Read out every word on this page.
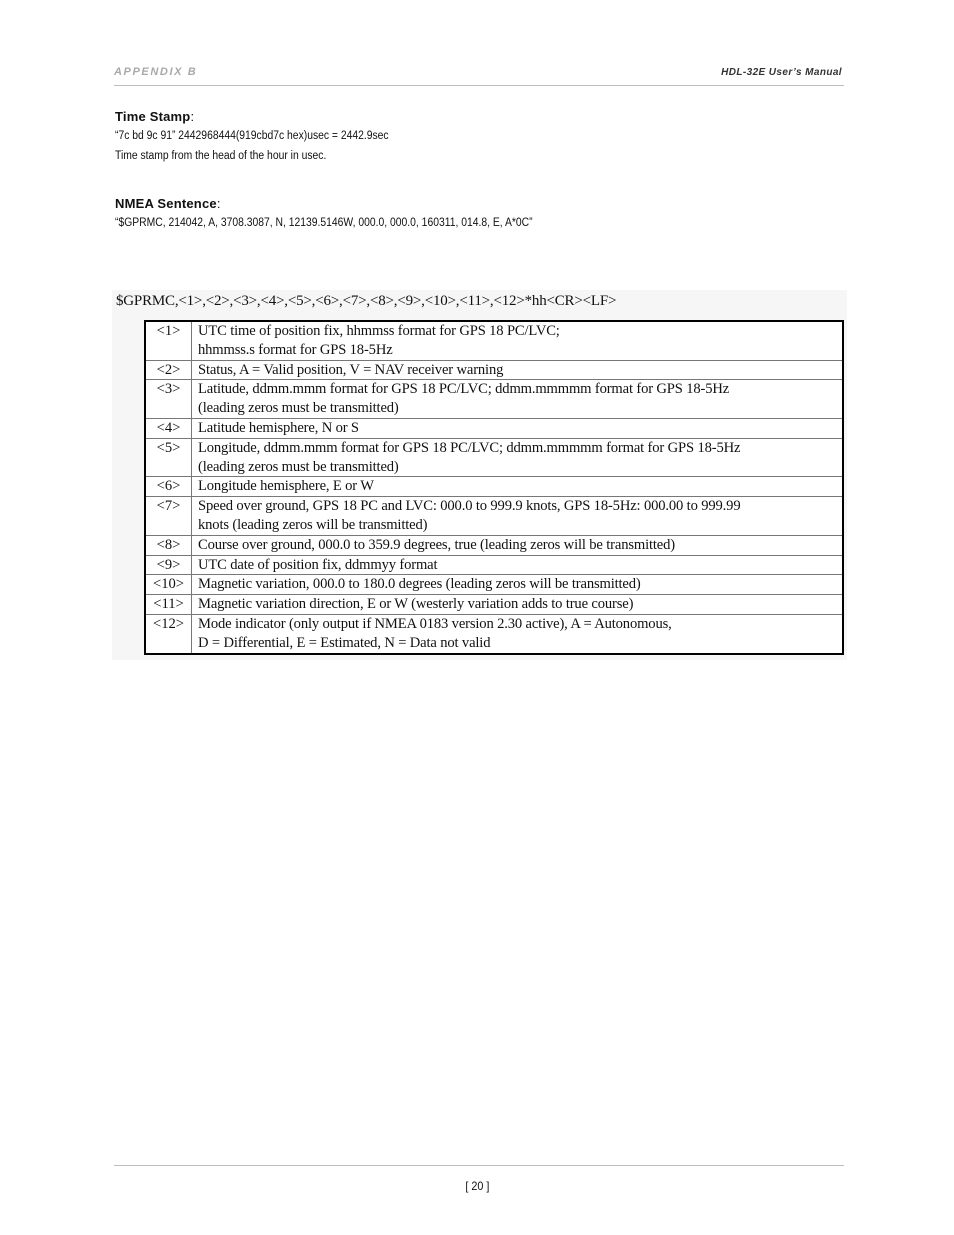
APPENDIX B	HDL-32E User’s Manual

Time Stamp:

“7c bd 9c 91” 2442968444(919cbd7c hex)usec = 2442.9sec

Time stamp from the head of the hour in usec.

NMEA Sentence:

“$GPRMC, 214042, A, 3708.3087, N, 12139.5146W, 000.0, 000.0, 160311, 014.8, E, A*0C”

$GPRMC,<1>,<2>,<3>,<4>,<5>,<6>,<7>,<8>,<9>,<10>,<11>,<12>*hh<CR><LF>
<1>	UTC time of position fix, hhmmss format for GPS 18 PC/LVC;
hhmmss.s format for GPS 18-5Hz
<2>	Status, A = Valid position, V = NAV receiver warning
<3>	Latitude, ddmm.mmm format for GPS 18 PC/LVC; ddmm.mmmmm format for GPS 18-5Hz
(leading zeros must be transmitted)
<4>	Latitude hemisphere, N or S
<5>	Longitude, ddmm.mmm format for GPS 18 PC/LVC; ddmm.mmmmm format for GPS 18-5Hz
(leading zeros must be transmitted)
<6>	Longitude hemisphere, E or W
<7>	Speed over ground, GPS 18 PC and LVC: 000.0 to 999.9 knots, GPS 18-5Hz: 000.00 to 999.99
knots (leading zeros will be transmitted)
<8>	Course over ground, 000.0 to 359.9 degrees, true (leading zeros will be transmitted)
<9>	UTC date of position fix, ddmmyy format
<10>	Magnetic variation, 000.0 to 180.0 degrees (leading zeros will be transmitted)
<11>	Magnetic variation direction, E or W (westerly variation adds to true course)
<12>	Mode indicator (only output if NMEA 0183 version 2.30 active), A = Autonomous,
D = Differential, E = Estimated, N = Data not valid
[ 20 ]
